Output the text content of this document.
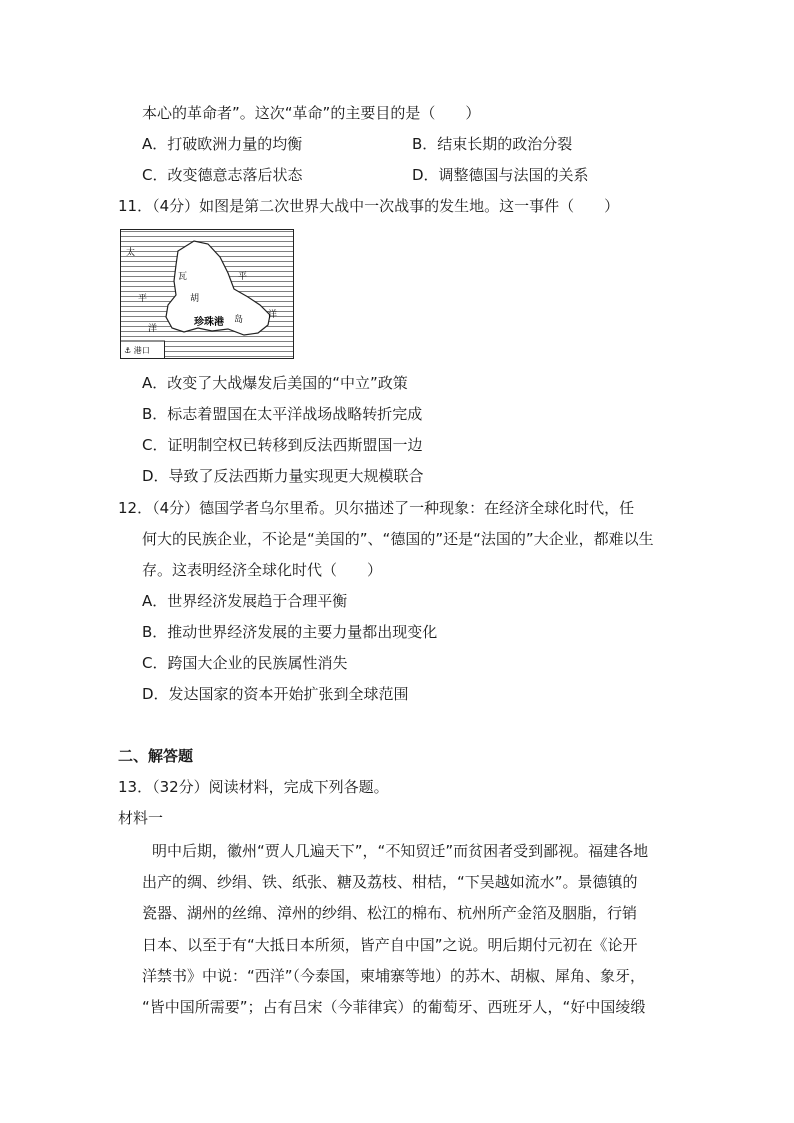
本心的革命者”。这次“革命”的主要目的是（　　）
A．打破欧洲力量的均衡	B．结束长期的政治分裂
C．改变德意志落后状态	D．调整德国与法国的关系
11．（4分）如图是第二次世界大战中一次战事的发生地。这一事件（　　）
太
平
洋
平
洋
瓦
胡
岛
珍珠港
⚓ 港口
A．改变了大战爆发后美国的“中立”政策
B．标志着盟国在太平洋战场战略转折完成
C．证明制空权已转移到反法西斯盟国一边
D．导致了反法西斯力量实现更大规模联合
12．（4分）德国学者乌尔里希。贝尔描述了一种现象：在经济全球化时代，任
何大的民族企业，不论是“美国的”、“德国的”还是“法国的”大企业，都难以生
存。这表明经济全球化时代（　　）
A．世界经济发展趋于合理平衡
B．推动世界经济发展的主要力量都出现变化
C．跨国大企业的民族属性消失
D．发达国家的资本开始扩张到全球范围
二、解答题
13．（32分）阅读材料，完成下列各题。
材料一
明中后期，徽州“贾人几遍天下”，“不知贸迁”而贫困者受到鄙视。福建各地
出产的绸、纱绢、铁、纸张、糖及荔枝、柑桔，“下吴越如流水”。景德镇的
瓷器、湖州的丝绵、漳州的纱绢、松江的棉布、杭州所产金箔及胭脂，行销
日本、以至于有“大抵日本所须，皆产自中国”之说。明后期付元初在《论开
洋禁书》中说：“西洋”（今泰国，柬埔寨等地）的苏木、胡椒、犀角、象牙，
“皆中国所需要”；占有吕宋（今菲律宾）的葡萄牙、西班牙人，“好中国绫缎
